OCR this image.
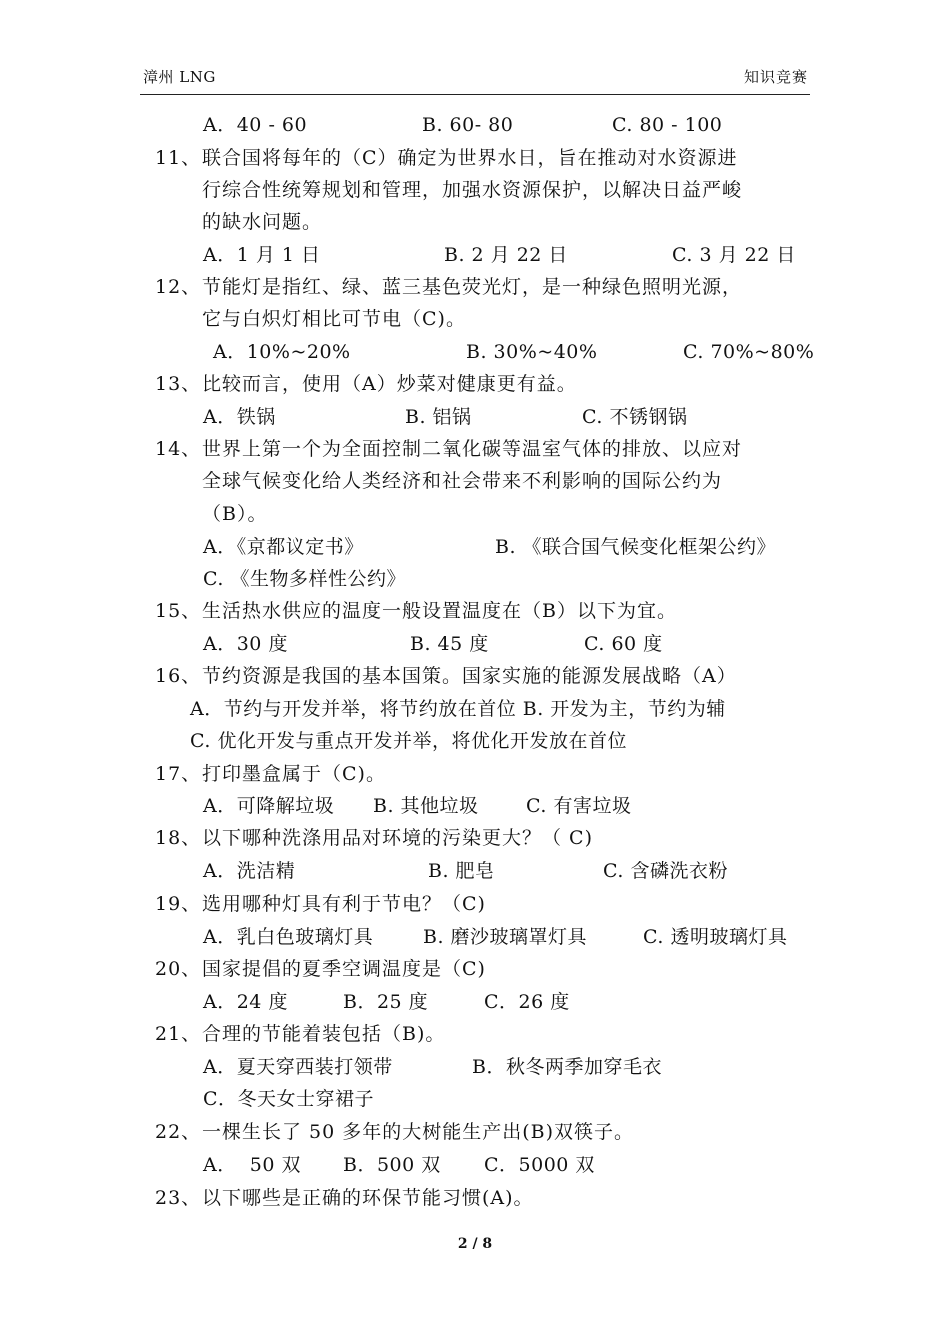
漳州 LNG	知识竞赛
A．40 - 60	B. 60- 80	C. 80 - 100
11、 联合国将每年的（C）确定为世界水日，旨在推动对水资源进
行综合性统筹规划和管理，加强水资源保护，以解决日益严峻
的缺水问题。
A．1 月 1 日	B. 2 月 22 日	C. 3 月 22 日
12、 节能灯是指红、绿、蓝三基色荧光灯，是一种绿色照明光源，
它与白炽灯相比可节电（C)。
A．10%~20%	B. 30%~40%	C. 70%~80%
13、 比较而言，使用（A）炒菜对健康更有益。
A．铁锅	B. 铝锅	C. 不锈钢锅
14、 世界上第一个为全面控制二氧化碳等温室气体的排放、以应对
全球气候变化给人类经济和社会带来不利影响的国际公约为
（B）。
A．《京都议定书》	B. 《联合国气候变化框架公约》
C. 《生物多样性公约》
15、 生活热水供应的温度一般设置温度在（B）以下为宜。
A．30 度	B. 45 度	C. 60 度
16、 节约资源是我国的基本国策。国家实施的能源发展战略（A）
A．节约与开发并举，将节约放在首位 B. 开发为主，节约为辅
C. 优化开发与重点开发并举，将优化开发放在首位
17、 打印墨盒属于（C)。
A．可降解垃圾 B. 其他垃圾 C. 有害垃圾
18、 以下哪种洗涤用品对环境的污染更大？（ C)
A．洗洁精	B. 肥皂	C. 含磷洗衣粉
19、 选用哪种灯具有利于节电？（C)
A．乳白色玻璃灯具	B. 磨沙玻璃罩灯具	C. 透明玻璃灯具
20、 国家提倡的夏季空调温度是（C)
A．24 度	B．25 度	C．26 度
21、 合理的节能着装包括（B)。
A．夏天穿西装打领带	B．秋冬两季加穿毛衣
C．冬天女士穿裙子
22、 一棵生长了 50 多年的大树能生产出(B)双筷子。
A．  50 双 B．500 双 C．5000 双
23、 以下哪些是正确的环保节能习惯(A)。
2 / 8
